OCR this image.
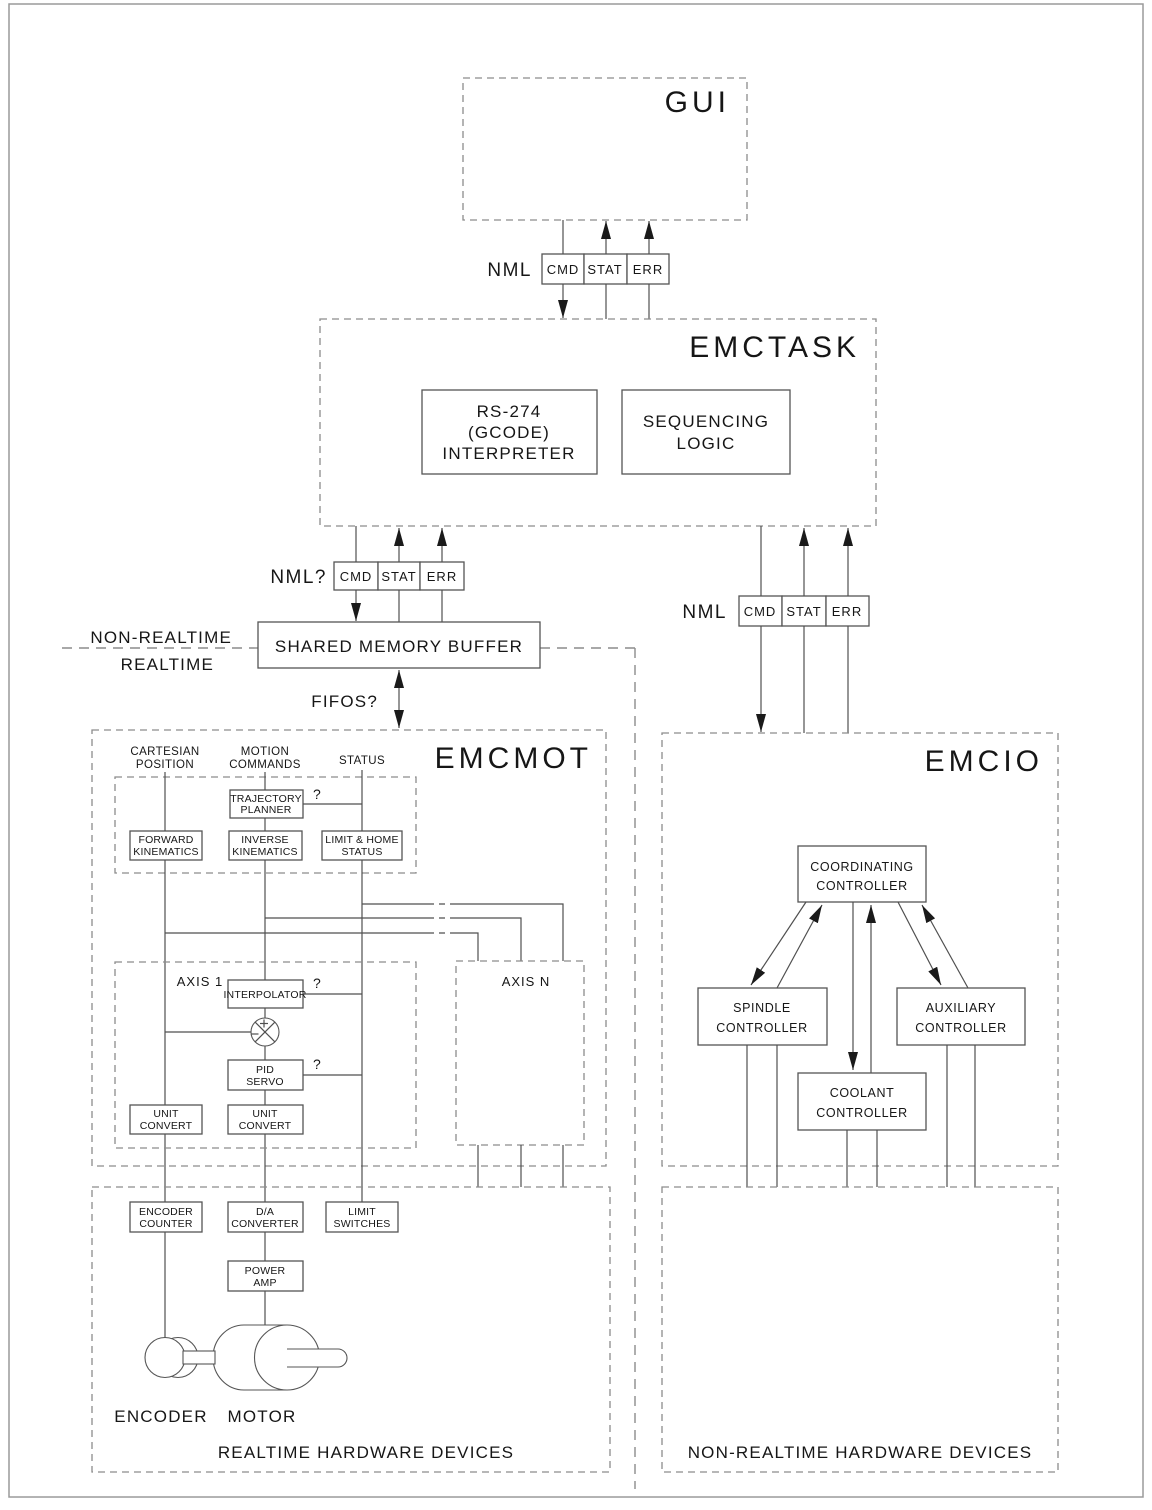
GUI
NML CMD STAT ERR
EMCTASK
RS-274
(GCODE)
INTERPRETER
SEQUENCING
LOGIC
NML? CMD STAT ERR
NON-REALTIME
REALTIME
SHARED MEMORY BUFFER
FIFOS?
NML CMD STAT ERR
EMCMOT
CARTESIAN
POSITION
MOTION
COMMANDS	STATUS
TRAJECTORY
PLANNER
?
FORWARD
KINEMATICS
INVERSE
KINEMATICS
LIMIT & HOME
STATUS
AXIS 1
INTERPOLATOR
?
PID
SERVO
?
UNIT
CONVERT
UNIT
CONVERT
AXIS N
ENCODER
COUNTER
D/A
CONVERTER
LIMIT
SWITCHES
POWER
AMP
ENCODER MOTOR
REALTIME HARDWARE DEVICES
EMCIO
COORDINATING
CONTROLLER
SPINDLE
CONTROLLER
AUXILIARY
CONTROLLER
COOLANT
CONTROLLER
NON-REALTIME HARDWARE DEVICES
